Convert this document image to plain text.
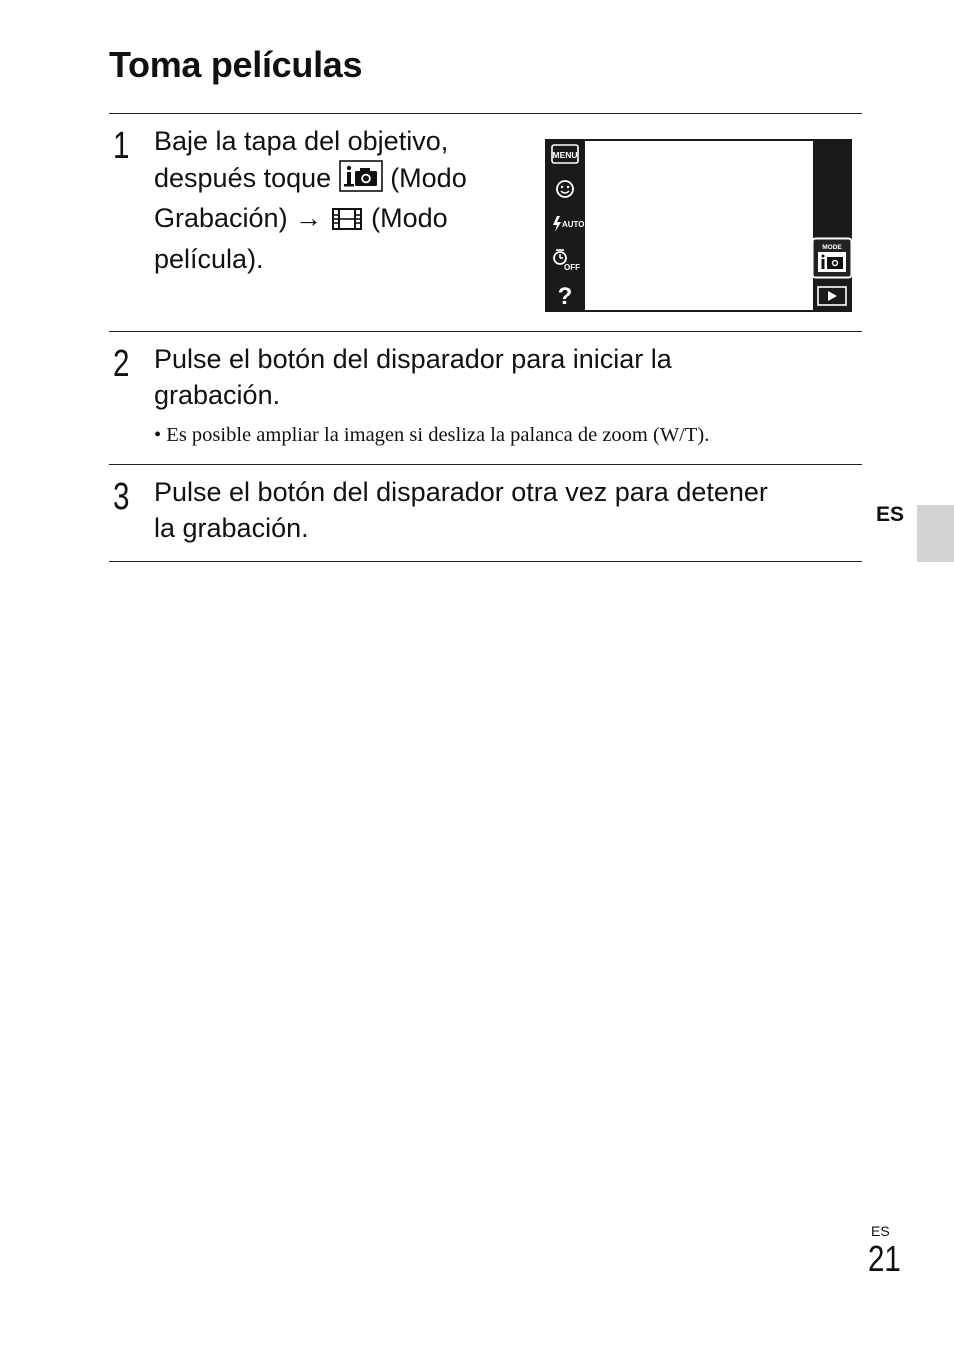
Toma películas
1 Baje la tapa del objetivo,
después toque (Modo
Grabación) → (Modo
película).
MENU
AUTO
OFF
?
MODE
2 Pulse el botón del disparador para iniciar la
grabación.
• Es posible ampliar la imagen si desliza la palanca de zoom (W/T).
3 Pulse el botón del disparador otra vez para detener
la grabación.	ES
ES
21
